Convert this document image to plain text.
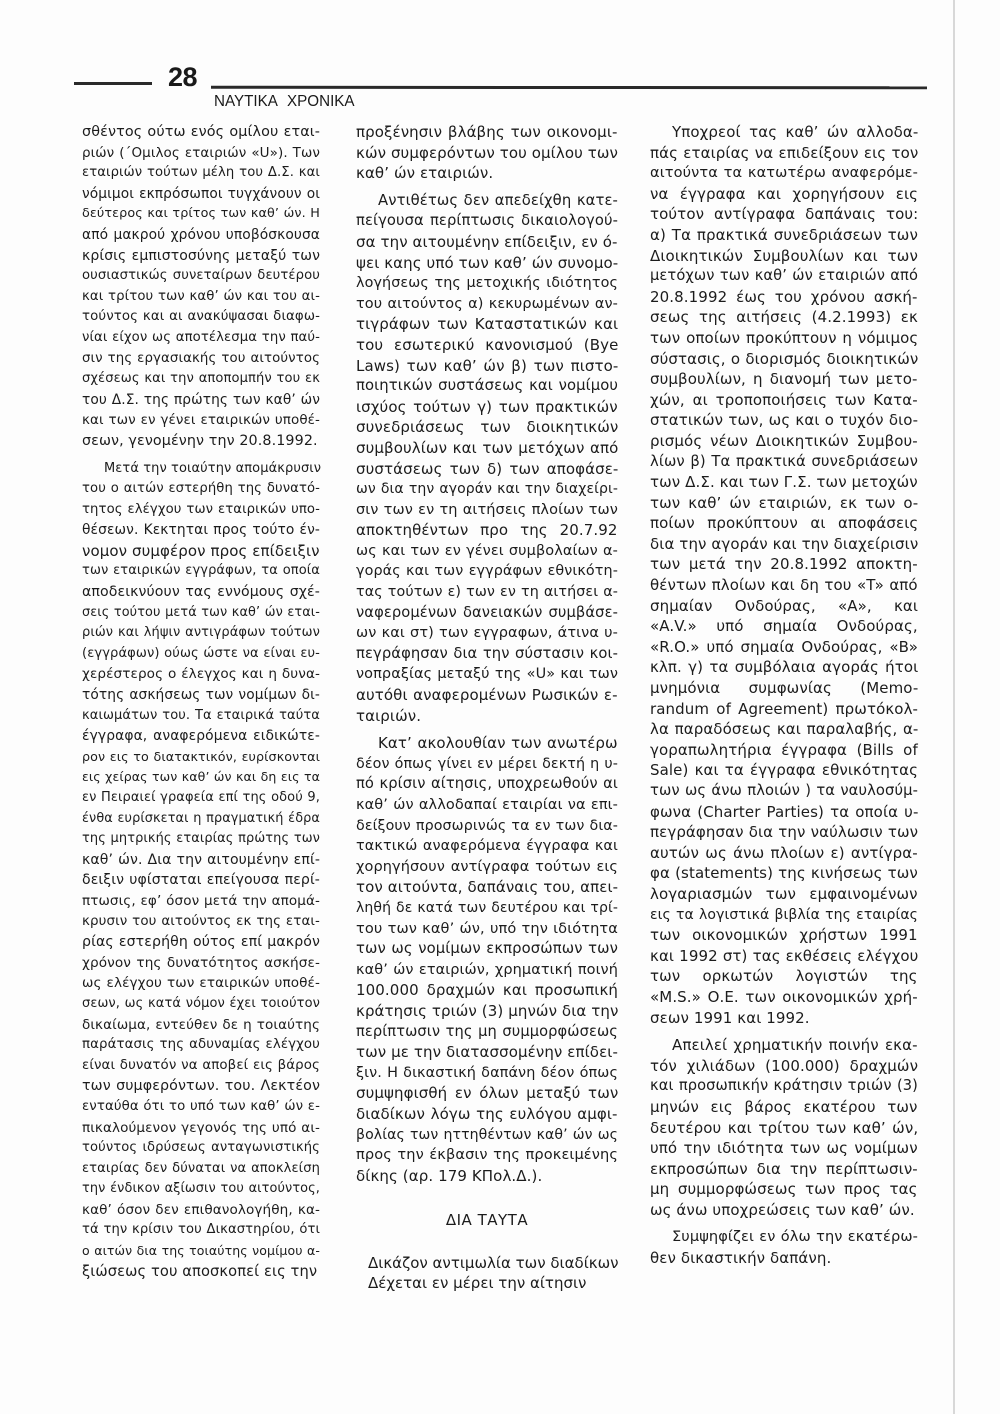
28
ΝΑΥΤΙΚΑ ΧΡΟΝΙΚΑ
σθέντος ούτω ενός ομίλου εται-
ριών (΄Ομιλος εταιριών «U»). Των
εταιριών τούτων μέλη του Δ.Σ. και
νόμιμοι εκπρόσωποι τυγχάνουν οι
δεύτερος και τρίτος των καθ’ ών. Η
από μακρού χρόνου υποβόσκουσα
κρίσις εμπιστοσύνης μεταξύ των
ουσιαστικώς συνεταίρων δευτέρου
και τρίτου των καθ’ ών και του αι-
τούντος και αι ανακύψασαι διαφω-
νίαι είχον ως αποτέλεσμα την παύ-
σιν της εργασιακής του αιτούντος
σχέσεως και την αποπομπήν του εκ
του Δ.Σ. της πρώτης των καθ’ ών
και των εν γένει εταιρικών υποθέ-
σεων, γενομένην την 20.8.1992.
Μετά την τοιαύτην απομάκρυσιν
του ο αιτών εστερήθη της δυνατό-
τητος ελέγχου των εταιρικών υπο-
θέσεων. Κεκτηται προς τούτο έν-
νομον συμφέρον προς επίδειξιν
των εταιρικών εγγράφων, τα οποία
αποδεικνύουν τας εννόμους σχέ-
σεις τούτου μετά των καθ’ ών εται-
ριών και λήψιν αντιγράφων τούτων
(εγγράφων) ούως ώστε να είναι ευ-
χερέστερος ο έλεγχος και η δυνα-
τότης ασκήσεως των νομίμων δι-
καιωμάτων του. Τα εταιρικά ταύτα
έγγραφα, αναφερόμενα ειδικώτε-
ρον εις το διατακτικόν, ευρίσκονται
εις χείρας των καθ’ ών και δη εις τα
εν Πειραιεί γραφεία επί της οδού 9,
ένθα ευρίσκεται η πραγματική έδρα
της μητρικής εταιρίας πρώτης των
καθ’ ών. Δια την αιτουμένην επί-
δειξιν υφίσταται επείγουσα περί-
πτωσις, εφ’ όσον μετά την απομά-
κρυσιν του αιτούντος εκ της εται-
ρίας εστερήθη ούτος επί μακρόν
χρόνον της δυνατότητος ασκήσε-
ως ελέγχου των εταιρικών υποθέ-
σεων, ως κατά νόμον έχει τοιούτον
δικαίωμα, εντεύθεν δε η τοιαύτης
παράτασις της αδυναμίας ελέγχου
είναι δυνατόν να αποβεί εις βάρος
των συμφερόντων. του. Λεκτέον
ενταύθα ότι το υπό των καθ’ ών ε-
πικαλούμενον γεγονός της υπό αι-
τούντος ιδρύσεως ανταγωνιστικής
εταιρίας δεν δύναται να αποκλείση
την ένδικον αξίωσιν του αιτούντος,
καθ’ όσον δεν επιθανολογήθη, κα-
τά την κρίσιν του Δικαστηρίου, ότι
ο αιτών δια της τοιαύτης νομίμου α-
ξιώσεως του αποσκοπεί εις την
προξένησιν βλάβης των οικονομι-
κών συμφερόντων του ομίλου των
καθ’ ών εταιριών.
Αντιθέτως δεν απεδείχθη κατε-
πείγουσα περίπτωσις δικαιολογού-
σα την αιτουμένην επίδειξιν, εν ό-
ψει καης υπό των καθ’ ών συνομο-
λογήσεως της μετοχικής ιδιότητος
του αιτούντος α) κεκυρωμένων αν-
τιγράφων των Καταστατικών και
του εσωτερικύ κανονισμού (Bye
Laws) των καθ’ ών β) των πιστο-
ποιητικών συστάσεως και νομίμου
ισχύος τούτων γ) των πρακτικών
συνεδριάσεως των διοικητικών
συμβουλίων και των μετόχων από
συστάσεως των δ) των αποφάσε-
ων δια την αγοράν και την διαχείρι-
σιν των εν τη αιτήσεις πλοίων των
αποκτηθέντων προ της 20.7.92
ως και των εν γένει συμβολαίων α-
γοράς και των εγγράφων εθνικότη-
τας τούτων ε) των εν τη αιτήσει α-
ναφερομένων δανειακών συμβάσε-
ων και στ) των εγγραφων, άτινα υ-
πεγράφησαν δια την σύστασιν κοι-
νοπραξίας μεταξύ της «U» και των
αυτόθι αναφερομένων Ρωσικών ε-
ταιριών.
Κατ’ ακολουθίαν των ανωτέρω
δέον όπως γίνει εν μέρει δεκτή η υ-
πό κρίσιν αίτησις, υποχρεωθούν αι
καθ’ ών αλλοδαπαί εταιρίαι να επι-
δείξουν προσωρινώς τα εν των δια-
τακτικώ αναφερόμενα έγγραφα και
χορηγήσουν αντίγραφα τούτων εις
τον αιτούντα, δαπάναις του, απει-
ληθή δε κατά των δευτέρου και τρί-
του των καθ’ ών, υπό την ιδιότητα
των ως νομίμων εκπροσώπων των
καθ’ ών εταιριών, χρηματική ποινή
100.000 δραχμών και προσωπική
κράτησις τριών (3) μηνών δια την
περίπτωσιν της μη συμμορφώσεως
των με την διατασσομένην επίδει-
ξιν. Η δικαστική δαπάνη δέον όπως
συμψηφισθή εν όλων μεταξύ των
διαδίκων λόγω της ευλόγου αμφι-
βολίας των ηττηθέντων καθ’ ών ως
προς την έκβασιν της προκειμένης
δίκης (αρ. 179 ΚΠολ.Δ.).
ΔΙΑ ΤΑΥΤΑ
Δικάζον αντιμωλία των διαδίκων
Δέχεται εν μέρει την αίτησιν
Υποχρεοί τας καθ’ ών αλλοδα-
πάς εταιρίας να επιδείξουν εις τον
αιτούντα τα κατωτέρω αναφερόμε-
να έγγραφα και χορηγήσουν εις
τούτον αντίγραφα δαπάναις του:
α) Τα πρακτικά συνεδριάσεων των
Διοικητικών Συμβουλίων και των
μετόχων των καθ’ ών εταιριών από
20.8.1992 έως του χρόνου ασκή-
σεως της αιτήσεις (4.2.1993) εκ
των οποίων προκύπτουν η νόμιμος
σύστασις, ο διορισμός διοικητικών
συμβουλίων, η διανομή των μετο-
χών, αι τροποποιήσεις των Κατα-
στατικών των, ως και ο τυχόν διο-
ρισμός νέων Διοικητικών Συμβου-
λίων β) Τα πρακτικά συνεδριάσεων
των Δ.Σ. και των Γ.Σ. των μετοχών
των καθ’ ών εταιριών, εκ των ο-
ποίων προκύπτουν αι αποφάσεις
δια την αγοράν και την διαχείρισιν
των μετά την 20.8.1992 αποκτη-
θέντων πλοίων και δη του «T» από
σημαίαν Ονδούρας, «A», και
«A.V.» υπό σημαία Ονδούρας,
«R.O.» υπό σημαία Ονδούρας, «B»
κλπ. γ) τα συμβόλαια αγοράς ήτοι
μνημόνια συμφωνίας (Memo-
randum of Agreement) πρωτόκολ-
λα παραδόσεως και παραλαβής, α-
γοραπωλητήρια έγγραφα (Bills of
Sale) και τα έγγραφα εθνικότητας
των ως άνω πλοιών ) τα ναυλοσύμ-
φωνα (Charter Parties) τα οποία υ-
πεγράφησαν δια την ναύλωσιν των
αυτών ως άνω πλοίων ε) αντίγρα-
φα (statements) της κινήσεως των
λογαριασμών των εμφαινομένων
εις τα λογιστικά βιβλία της εταιρίας
των οικονομικών χρήστων 1991
και 1992 στ) τας εκθέσεις ελέγχου
των ορκωτών λογιστών της
«M.S.» Ο.Ε. των οικονομικών χρή-
σεων 1991 και 1992.
Απειλεί χρηματικήν ποινήν εκα-
τόν χιλιάδων (100.000) δραχμών
και προσωπικήν κράτησιν τριών (3)
μηνών εις βάρος εκατέρου των
δευτέρου και τρίτου των καθ’ ών,
υπό την ιδιότητα των ως νομίμων
εκπροσώπων δια την περίπτωσιν-
μη συμμορφώσεως των προς τας
ως άνω υποχρεώσεις των καθ’ ών.
Συμψηφίζει εν όλω την εκατέρω-
θεν δικαστικήν δαπάνη.
